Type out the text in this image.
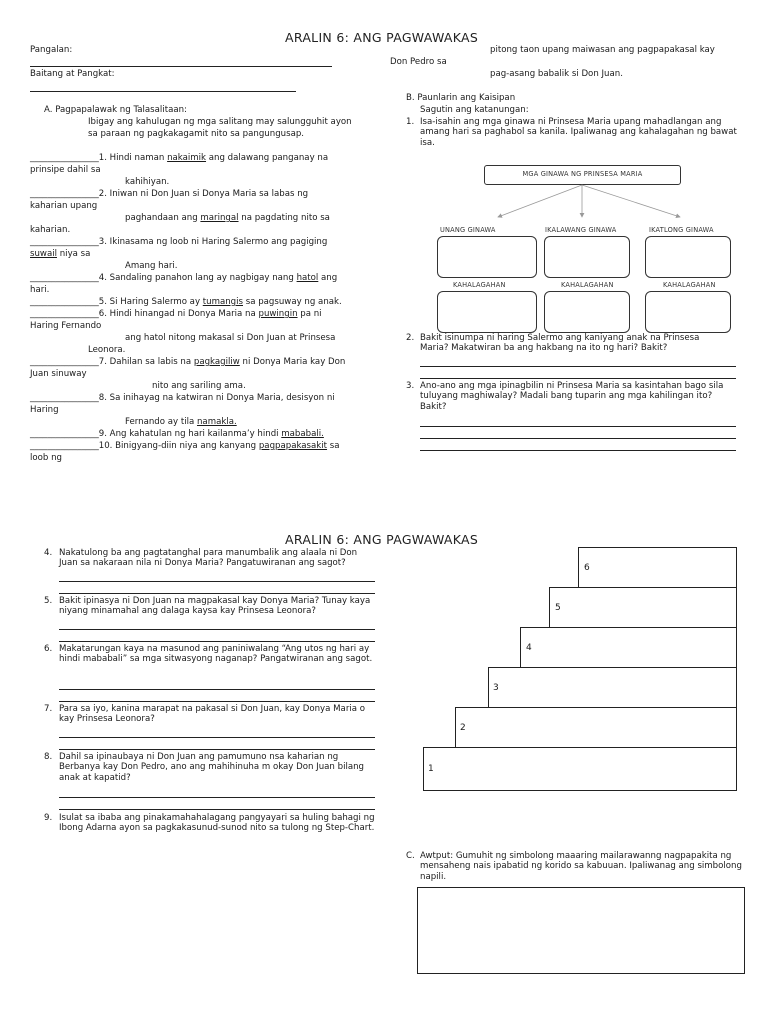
ARALIN 6: ANG PAGWAWAKAS
Pangalan:
Baitang at Pangkat:
pitong taon upang maiwasan ang pagpapakasal kay
Don Pedro sa
pag-asang babalik si Don Juan.
A. Pagpapalawak ng Talasalitaan:
Ibigay ang kahulugan ng mga salitang may salungguhit ayon
sa paraan ng pagkakagamit nito sa pangungusap.
________________1. Hindi naman nakaimik ang dalawang panganay na
prinsipe dahil sa
kahihiyan.
________________2. Iniwan ni Don Juan si Donya Maria sa labas ng
kaharian upang
paghandaan ang maringal na pagdating nito sa
kaharian.
________________3. Ikinasama ng loob ni Haring Salermo ang pagiging
suwail niya sa
Amang hari.
________________4. Sandaling panahon lang ay nagbigay nang hatol ang
hari.
________________5. Si Haring Salermo ay tumangis sa pagsuway ng anak.
________________6. Hindi hinangad ni Donya Maria na puwingin pa ni
Haring Fernando
ang hatol nitong makasal si Don Juan at Prinsesa
Leonora.
________________7. Dahilan sa labis na pagkagiliw ni Donya Maria kay Don
Juan sinuway
nito ang sariling ama.
________________8. Sa inihayag na katwiran ni Donya Maria, desisyon ni
Haring
Fernando ay tila namakla.
________________9. Ang kahatulan ng hari kailanma’y hindi mababali.
________________10. Binigyang-diin niya ang kanyang pagpapakasakit sa
loob ng
B. Paunlarin ang Kaisipan
Sagutin ang katanungan:
1. Isa-isahin ang mga ginawa ni Prinsesa Maria upang mahadlangan ang amang hari sa paghabol sa kanila. Ipaliwanag ang kahalagahan ng bawat isa.
MGA GINAWA NG PRINSESA MARIA
UNANG GINAWA	IKALAWANG GINAWA	IKATLONG GINAWA
KAHALAGAHAN	KAHALAGAHAN	KAHALAGAHAN
2. Bakit isinumpa ni haring Salermo ang kaniyang anak na Prinsesa Maria? Makatwiran ba ang hakbang na ito ng hari? Bakit?
3. Ano-ano ang mga ipinagbilin ni Prinsesa Maria sa kasintahan bago sila tuluyang maghiwalay? Madali bang tuparin ang mga kahilingan ito? Bakit?
ARALIN 6: ANG PAGWAWAKAS
4. Nakatulong ba ang pagtatanghal para manumbalik ang alaala ni Don Juan sa nakaraan nila ni Donya Maria? Pangatuwiranan ang sagot?
5. Bakit ipinasya ni Don Juan na magpakasal kay Donya Maria? Tunay kaya niyang minamahal ang dalaga kaysa kay Prinsesa Leonora?
6. Makatarungan kaya na masunod ang paniniwalang “Ang utos ng hari ay hindi mababali” sa mga sitwasyong naganap? Pangatwiranan ang sagot.
7. Para sa iyo, kanina marapat na pakasal si Don Juan, kay Donya Maria o kay Prinsesa Leonora?
8. Dahil sa ipinaubaya ni Don Juan ang pamumuno nsa kaharian ng Berbanya kay Don Pedro, ano ang mahihinuha m okay Don Juan bilang anak at kapatid?
9. Isulat sa ibaba ang pinakamahahalagang pangyayari sa huling bahagi ng Ibong Adarna ayon sa pagkakasunud-sunod nito sa tulong ng Step-Chart.
6
5
4
3
2
1
C. Awtput: Gumuhit ng simbolong maaaring mailarawanng nagpapakita ng mensaheng nais ipabatid ng korido sa kabuuan. Ipaliwanag ang simbolong napili.
